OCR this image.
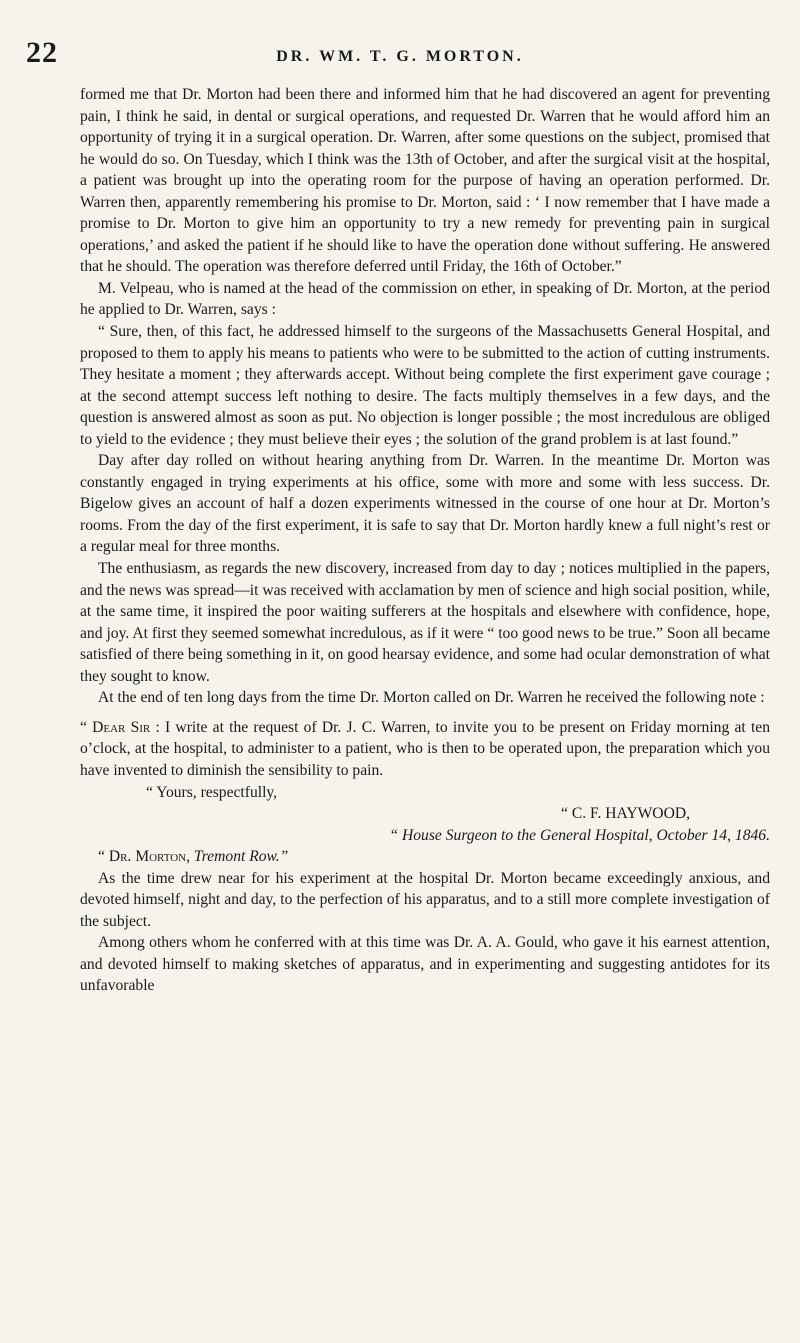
22	DR. WM. T. G. MORTON.

formed me that Dr. Morton had been there and informed him that he had discovered an agent for preventing pain, I think he said, in dental or surgical operations, and requested Dr. Warren that he would afford him an opportunity of trying it in a surgical operation. Dr. Warren, after some questions on the subject, promised that he would do so. On Tuesday, which I think was the 13th of October, and after the surgical visit at the hospital, a patient was brought up into the operating room for the purpose of having an operation performed. Dr. Warren then, apparently remembering his promise to Dr. Morton, said : ‘ I now remember that I have made a promise to Dr. Morton to give him an opportunity to try a new remedy for preventing pain in surgical operations,’ and asked the patient if he should like to have the operation done without suffering. He answered that he should. The operation was therefore deferred until Friday, the 16th of October.”

M. Velpeau, who is named at the head of the commission on ether, in speaking of Dr. Morton, at the period he applied to Dr. Warren, says :

“ Sure, then, of this fact, he addressed himself to the surgeons of the Massachusetts General Hospital, and proposed to them to apply his means to patients who were to be submitted to the action of cutting instruments. They hesitate a moment ; they afterwards accept. Without being complete the first experiment gave courage ; at the second attempt success left nothing to desire. The facts multiply themselves in a few days, and the question is answered almost as soon as put. No objection is longer possible ; the most incredulous are obliged to yield to the evidence ; they must believe their eyes ; the solution of the grand problem is at last found.”

Day after day rolled on without hearing anything from Dr. Warren. In the meantime Dr. Morton was constantly engaged in trying experiments at his office, some with more and some with less success. Dr. Bigelow gives an account of half a dozen experiments witnessed in the course of one hour at Dr. Morton’s rooms. From the day of the first experiment, it is safe to say that Dr. Morton hardly knew a full night’s rest or a regular meal for three months.

The enthusiasm, as regards the new discovery, increased from day to day ; notices multiplied in the papers, and the news was spread—it was received with acclamation by men of science and high social position, while, at the same time, it inspired the poor waiting sufferers at the hospitals and elsewhere with confidence, hope, and joy. At first they seemed somewhat incredulous, as if it were “ too good news to be true.” Soon all became satisfied of there being something in it, on good hearsay evidence, and some had ocular demonstration of what they sought to know.

At the end of ten long days from the time Dr. Morton called on Dr. Warren he received the following note :

“ Dear Sir : I write at the request of Dr. J. C. Warren, to invite you to be present on Friday morning at ten o’clock, at the hospital, to administer to a patient, who is then to be operated upon, the preparation which you have invented to diminish the sensibility to pain.

“ Yours, respectfully,

“ C. F. HAYWOOD,

“ House Surgeon to the General Hospital, October 14, 1846.

“ Dr. Morton, Tremont Row.”

As the time drew near for his experiment at the hospital Dr. Morton became exceedingly anxious, and devoted himself, night and day, to the perfection of his apparatus, and to a still more complete investigation of the subject.

Among others whom he conferred with at this time was Dr. A. A. Gould, who gave it his earnest attention, and devoted himself to making sketches of apparatus, and in experimenting and suggesting antidotes for its unfavorable
